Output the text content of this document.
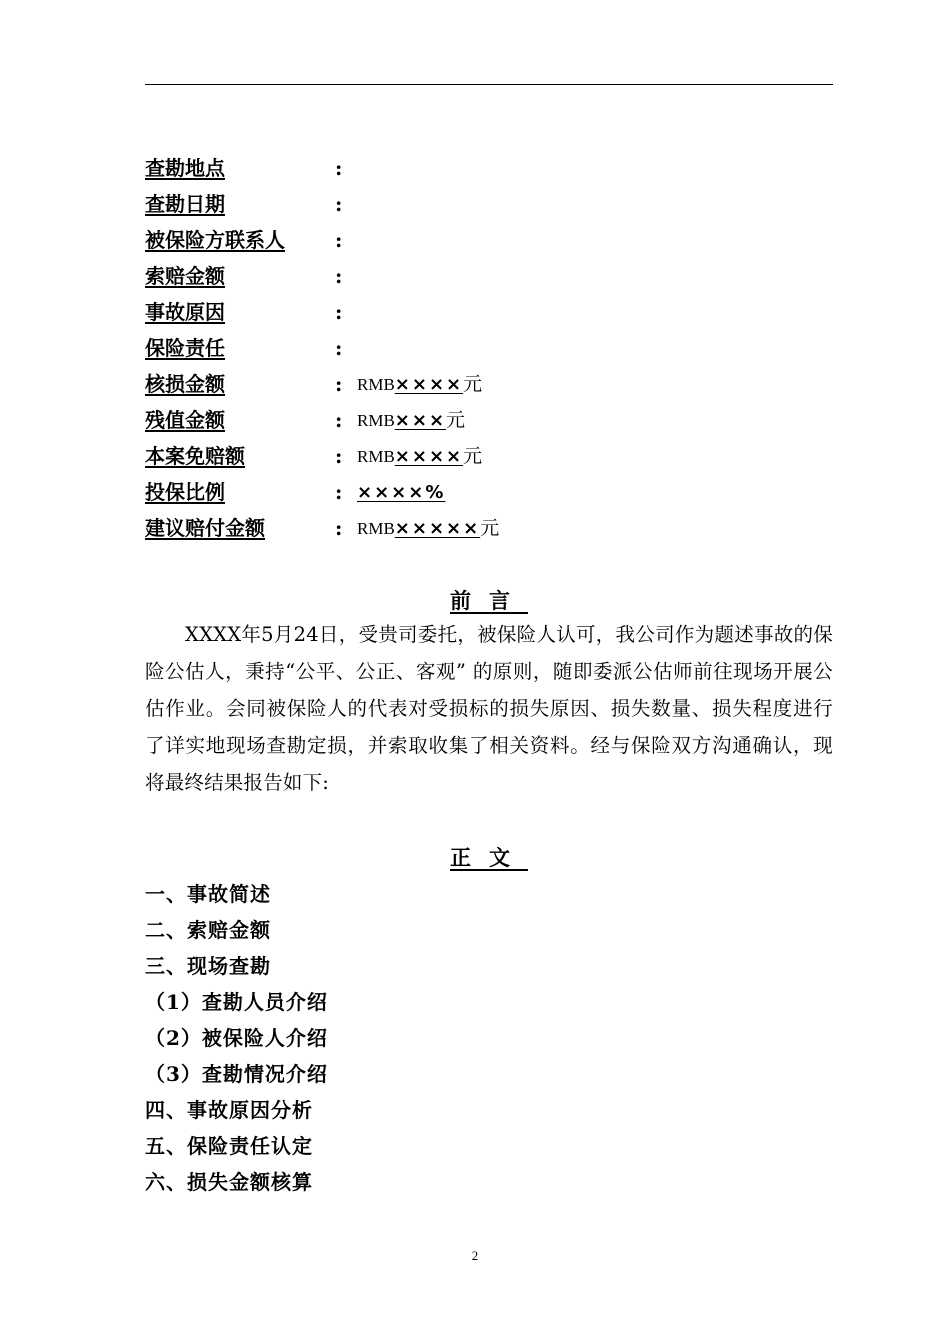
查勘地点	:
查勘日期	:
被保险方联系人	:
索赔金额	:
事故原因	:
保险责任	:
核损金额	: RMB××××元
残值金额	: RMB×××元
本案免赔额	: RMB××××元
投保比例	: ××××%
建议赔付金额	: RMB×××××元
前言

XXXX年5月24日，受贵司委托，被保险人认可，我公司作为题述事故的保险公估人，秉持“公平、公正、客观” 的原则，随即委派公估师前往现场开展公估作业。会同被保险人的代表对受损标的损失原因、损失数量、损失程度进行了详实地现场查勘定损，并索取收集了相关资料。经与保险双方沟通确认，现将最终结果报告如下:

正文
一、事故简述
二、索赔金额
三、现场查勘
（1）查勘人员介绍
（2）被保险人介绍
（3）查勘情况介绍
四、事故原因分析
五、保险责任认定
六、损失金额核算
2
